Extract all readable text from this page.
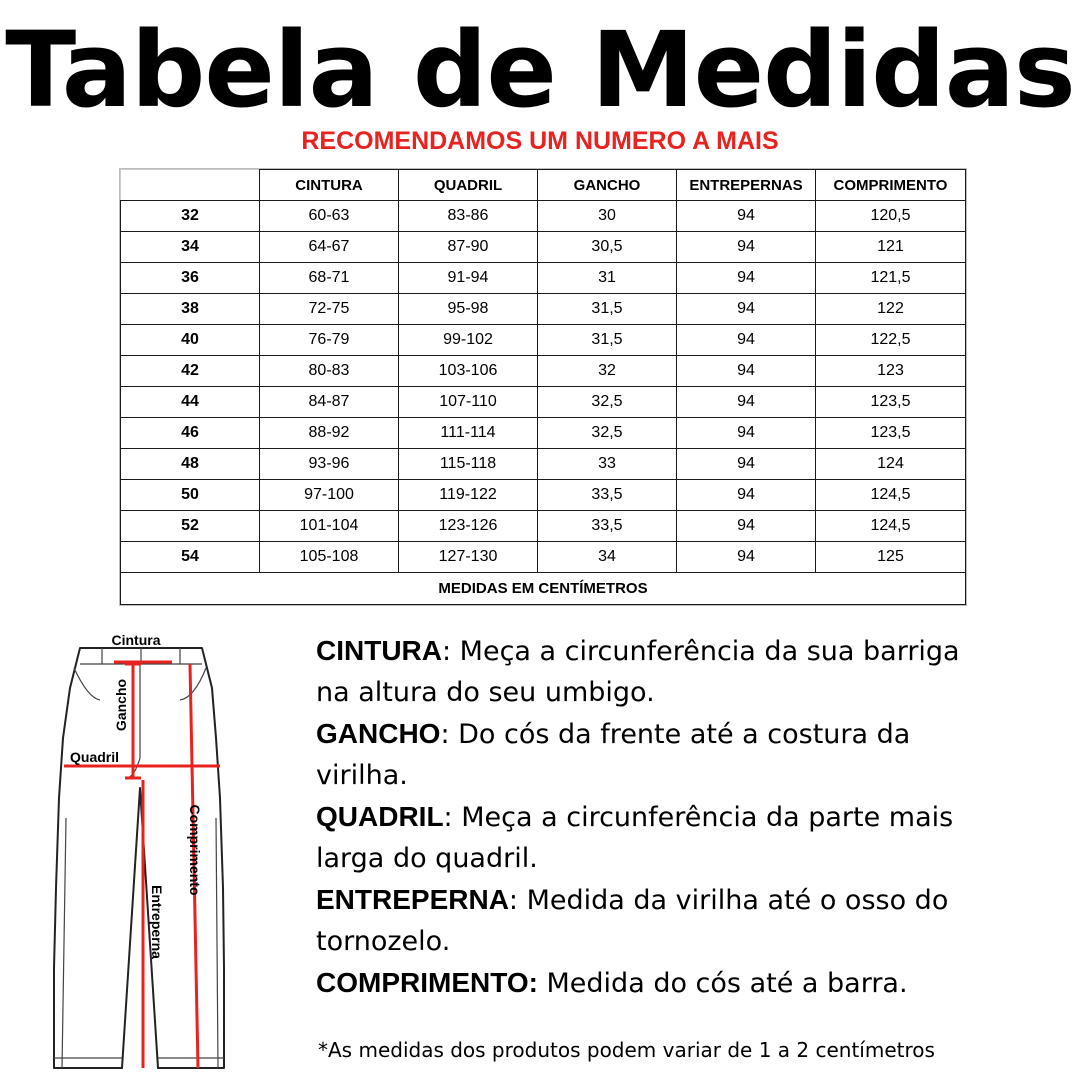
Tabela de Medidas
RECOMENDAMOS UM NUMERO A MAIS
	CINTURA	QUADRIL	GANCHO	ENTREPERNAS	COMPRIMENTO
32	60-63	83-86	30	94	120,5
34	64-67	87-90	30,5	94	121
36	68-71	91-94	31	94	121,5
38	72-75	95-98	31,5	94	122
40	76-79	99-102	31,5	94	122,5
42	80-83	103-106	32	94	123
44	84-87	107-110	32,5	94	123,5
46	88-92	111-114	32,5	94	123,5
48	93-96	115-118	33	94	124
50	97-100	119-122	33,5	94	124,5
52	101-104	123-126	33,5	94	124,5
54	105-108	127-130	34	94	125
MEDIDAS EM CENTÍMETROS					
Cintura
Gancho
Quadril
Comprimento
Entreperna
CINTURA: Meça a circunferência da sua barriga
na altura do seu umbigo.
GANCHO: Do cós da frente até a costura da
virilha.
QUADRIL: Meça a circunferência da parte mais
larga do quadril.
ENTREPERNA: Medida da virilha até o osso do
tornozelo.
COMPRIMENTO: Medida do cós até a barra.
*As medidas dos produtos podem variar de 1 a 2 centímetros
